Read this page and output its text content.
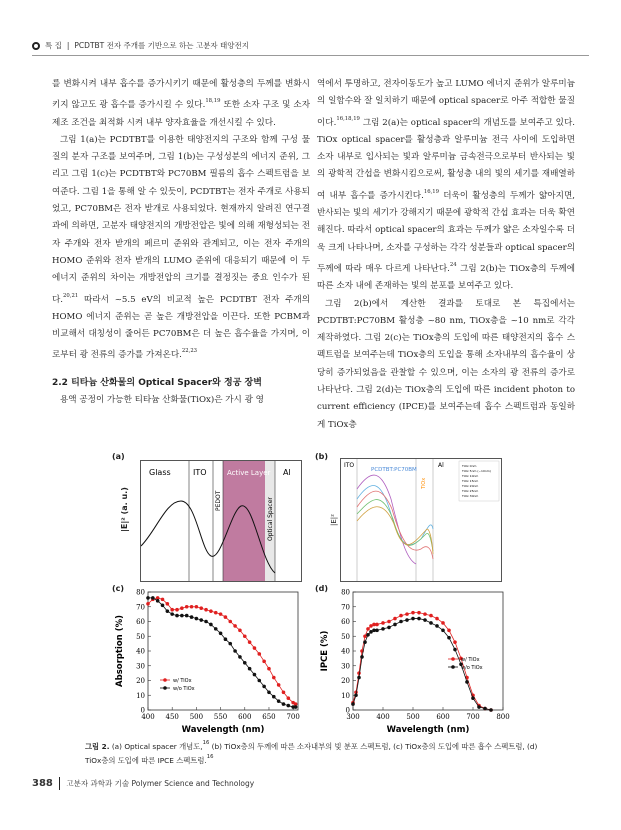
특 집 | PCDTBT 전자 주개를 기반으로 하는 고분자 태양전지

를 변화시켜 내부 흡수를 증가시키기 때문에 활성층의 두께를 변화시키지 않고도 광 흡수를 증가시킬 수 있다.$^{18,19}$ 또한 소자 구조 및 소자 제조 조건을 최적화 시켜 내부 양자효율을 개선시킬 수 있다.

그림 1(a)는 PCDTBT를 이용한 태양전지의 구조와 함께 구성 물질의 분자 구조를 보여주며, 그림 1(b)는 구성성분의 에너지 준위, 그리고 그림 1(c)는 PCDTBT와 PC70BM 필름의 흡수 스펙트럼을 보여준다. 그림 1을 통해 알 수 있듯이, PCDTBT는 전자 주개로 사용되었고, PC70BM은 전자 받개로 사용되었다. 현재까지 알려진 연구결과에 의하면, 고분자 태양전지의 개방전압은 빛에 의해 재형성되는 전자 주개와 전자 받개의 페르미 준위와 관계되고, 이는 전자 주개의 HOMO 준위와 전자 받개의 LUMO 준위에 대응되기 때문에 이 두 에너지 준위의 차이는 개방전압의 크기를 결정짓는 중요 인수가 된다.$^{20,21}$ 따라서 ~5.5 eV의 비교적 높은 PCDTBT 전자 주개의 HOMO 에너지 준위는 곧 높은 개방전압을 이끈다. 또한 PCBM과 비교해서 대칭성이 줄어든 PC70BM은 더 높은 흡수율을 가지며, 이로부터 광 전류의 증가를 가져온다.$^{22,23}$

2.2 티타늄 산화물의 Optical Spacer와 정공 장벽

용액 공정이 가능한 티타늄 산화물(TiOx)은 가시 광 영

역에서 투명하고, 전자이동도가 높고 LUMO 에너지 준위가 알루미늄의 일함수와 잘 일치하기 때문에 optical spacer로 아주 적합한 물질이다.$^{16,18,19}$ 그림 2(a)는 optical spacer의 개념도를 보여주고 있다. TiOx optical spacer를 활성층과 알루미늄 전극 사이에 도입하면 소자 내부로 입사되는 빛과 알루미늄 금속전극으로부터 반사되는 빛의 광학적 간섭을 변화시킴으로써, 활성층 내의 빛의 세기를 재배열하여 내부 흡수를 증가시킨다.$^{16,19}$ 더욱이 활성층의 두께가 얇아지면, 반사되는 빛의 세기가 강해지기 때문에 광학적 간섭 효과는 더욱 확연해진다. 따라서 optical spacer의 효과는 두께가 얇은 소자일수록 더욱 크게 나타나며, 소자를 구성하는 각각 성분들과 optical spacer의 두께에 따라 매우 다르게 나타난다.$^{24}$ 그림 2(b)는 TiOx층의 두께에 따른 소자 내에 존재하는 빛의 분포를 보여주고 있다.

그림 2(b)에서 계산한 결과를 토대로 본 특집에서는 PCDTBT:PC70BM 활성층 ~80 nm, TiOx층을 ~10 nm로 각각 제작하였다. 그림 2(c)는 TiOx층의 도입에 따른 태양전지의 흡수 스펙트럼을 보여주는데 TiOx층의 도입을 통해 소자내부의 흡수율이 상당히 증가되었음을 관찰할 수 있으며, 이는 소자의 광 전류의 증가로 나타난다. 그림 2(d)는 TiOx층의 도입에 따른 incident photon to current efficiency (IPCE)를 보여주는데 흡수 스펙트럼과 동일하게 TiOx층

(a)
Glass	ITO
PEDOT
Active Layer
Optical Spacer
Al
|E|² (a. u.)
(b)
ITO
PCDTBT:PC70BM
TiOx
Al	TiOx 0nm
TiOx 5nm (~10nm)
TiOx 10nm
TiOx 15nm
TiOx 20nm
TiOx 25nm
TiOx 30nm
|E|²
(c)
400 450 500 550 600 650 700
0
10
20
30
40
50
60
70
80
Wavelength (nm)
Absorption (%)	w/ TiOx
w/o TiOx
(d)
300 400 500 600 700 800
0
10
20
30
40
50
60
70
80
Wavelength (nm)
IPCE (%)	w/ TiOx
w/o TiOx
그림 2. (a) Optical spacer 개념도,$^{16}$ (b) TiOx층의 두께에 따른 소자내부의 빛 분포 스펙트럼, (c) TiOx층의 도입에 따른 흡수 스펙트럼, (d) TiOx층의 도입에 따른 IPCE 스펙트럼.$^{16}$
388 고분자 과학과 기술 Polymer Science and Technology
